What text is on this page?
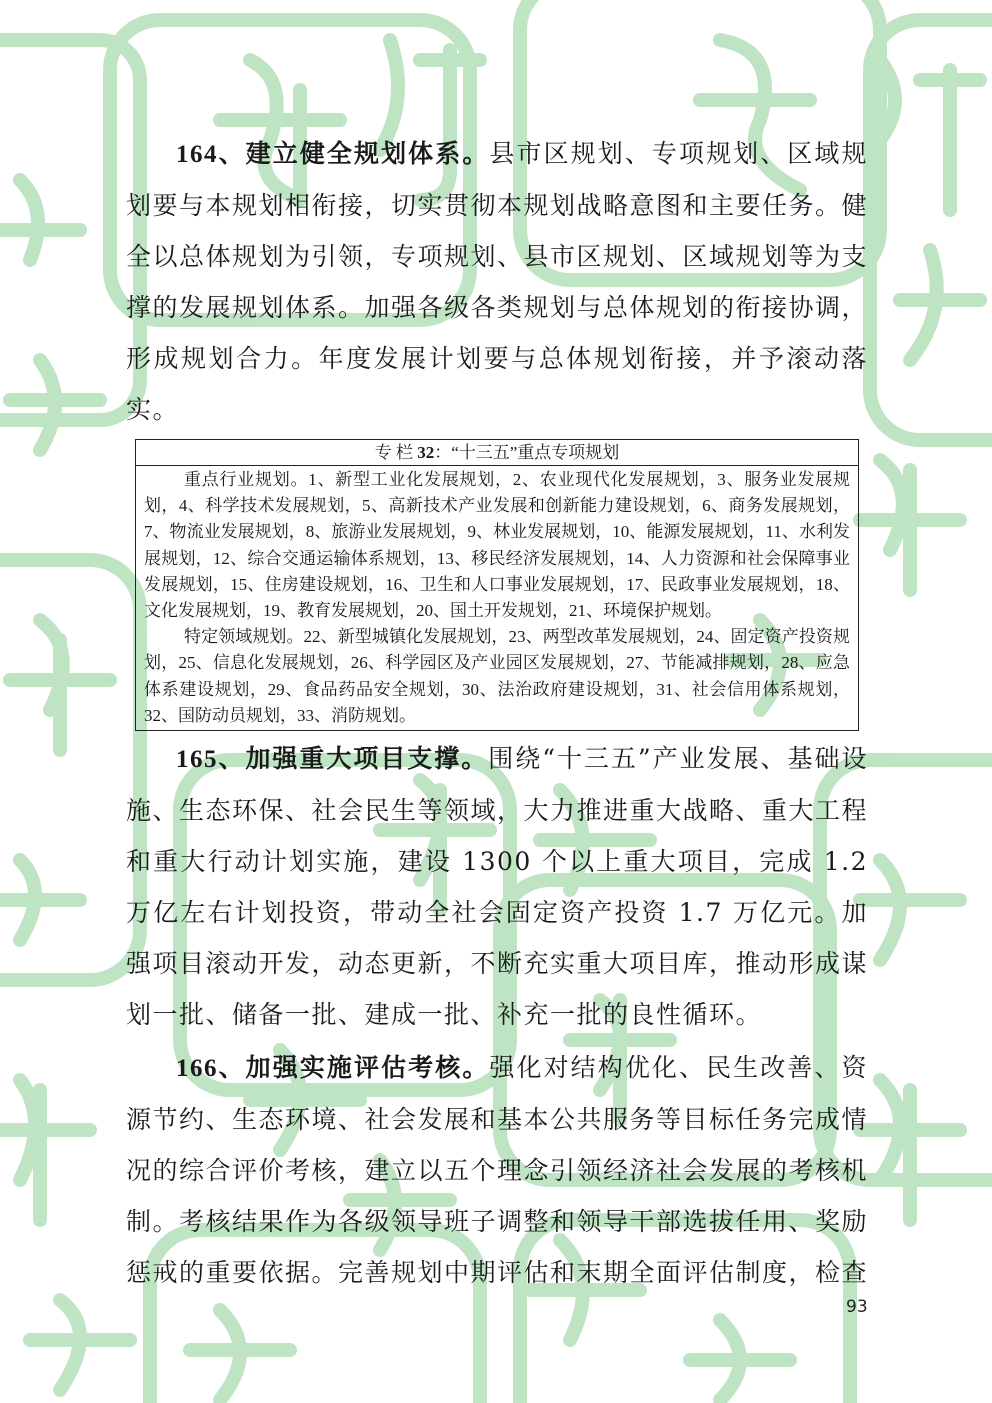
164、建立健全规划体系。县市区规划、专项规划、区域规划要与本规划相衔接，切实贯彻本规划战略意图和主要任务。健全以总体规划为引领，专项规划、县市区规划、区域规划等为支撑的发展规划体系。加强各级各类规划与总体规划的衔接协调，形成规划合力。年度发展计划要与总体规划衔接，并予滚动落实。

专 栏 32：“十三五”重点专项规划

重点行业规划。1、新型工业化发展规划，2、农业现代化发展规划，3、服务业发展规划，4、科学技术发展规划，5、高新技术产业发展和创新能力建设规划，6、商务发展规划，7、物流业发展规划，8、旅游业发展规划，9、林业发展规划，10、能源发展规划，11、水利发展规划，12、综合交通运输体系规划，13、移民经济发展规划，14、人力资源和社会保障事业发展规划，15、住房建设规划，16、卫生和人口事业发展规划，17、民政事业发展规划，18、文化发展规划，19、教育发展规划，20、国土开发规划，21、环境保护规划。

特定领域规划。22、新型城镇化发展规划，23、两型改革发展规划，24、固定资产投资规划，25、信息化发展规划，26、科学园区及产业园区发展规划，27、节能减排规划，28、应急体系建设规划，29、食品药品安全规划，30、法治政府建设规划，31、社会信用体系规划，32、国防动员规划，33、消防规划。

165、加强重大项目支撑。围绕“十三五”产业发展、基础设施、生态环保、社会民生等领域，大力推进重大战略、重大工程和重大行动计划实施，建设 1300 个以上重大项目，完成 1.2 万亿左右计划投资，带动全社会固定资产投资 1.7 万亿元。加强项目滚动开发，动态更新，不断充实重大项目库，推动形成谋划一批、储备一批、建成一批、补充一批的良性循环。

166、加强实施评估考核。强化对结构优化、民生改善、资源节约、生态环境、社会发展和基本公共服务等目标任务完成情况的综合评价考核，建立以五个理念引领经济社会发展的考核机制。考核结果作为各级领导班子调整和领导干部选拔任用、奖励惩戒的重要依据。完善规划中期评估和末期全面评估制度，检查

93
